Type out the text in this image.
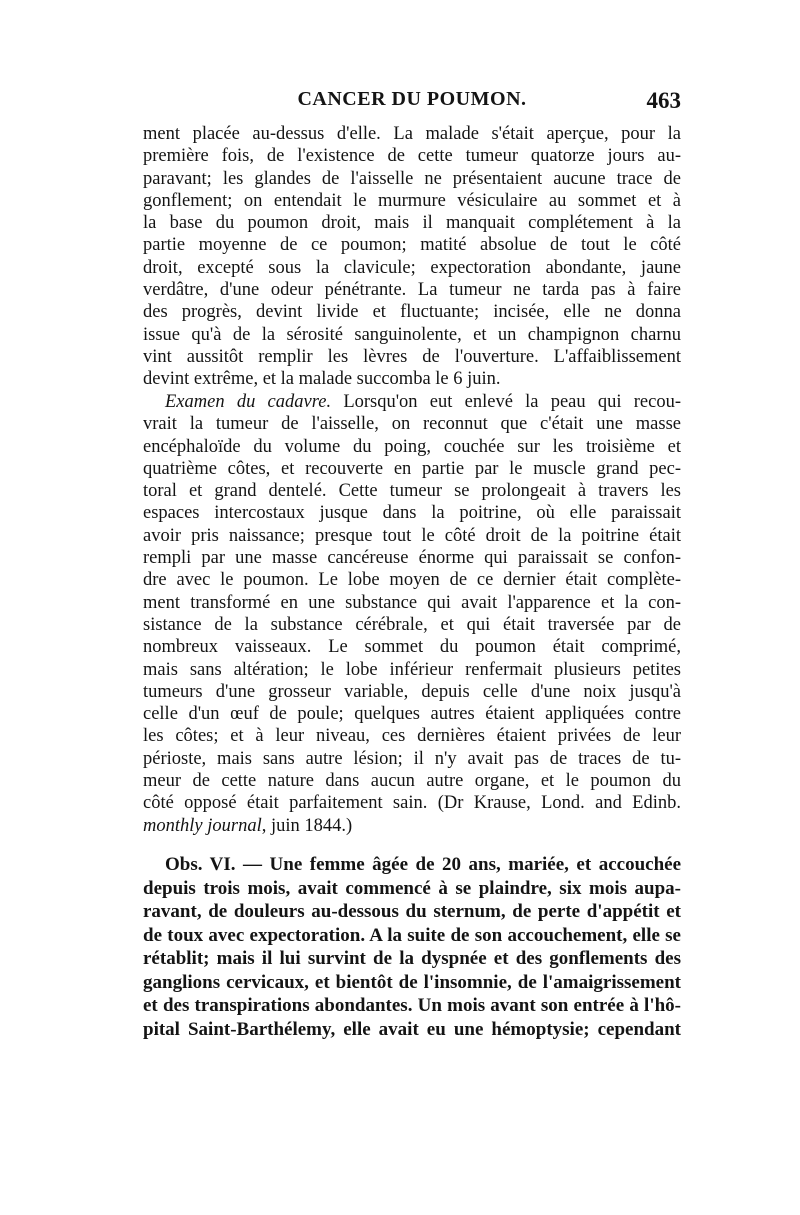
CANCER DU POUMON.	463
ment placée au-dessus d'elle. La malade s'était aperçue, pour la
première fois, de l'existence de cette tumeur quatorze jours au-
paravant; les glandes de l'aisselle ne présentaient aucune trace de
gonflement; on entendait le murmure vésiculaire au sommet et à
la base du poumon droit, mais il manquait complétement à la
partie moyenne de ce poumon; matité absolue de tout le côté
droit, excepté sous la clavicule; expectoration abondante, jaune
verdâtre, d'une odeur pénétrante. La tumeur ne tarda pas à faire
des progrès, devint livide et fluctuante; incisée, elle ne donna
issue qu'à de la sérosité sanguinolente, et un champignon charnu
vint aussitôt remplir les lèvres de l'ouverture. L'affaiblissement
devint extrême, et la malade succomba le 6 juin.
Examen du cadavre. Lorsqu'on eut enlevé la peau qui recou-
vrait la tumeur de l'aisselle, on reconnut que c'était une masse
encéphaloïde du volume du poing, couchée sur les troisième et
quatrième côtes, et recouverte en partie par le muscle grand pec-
toral et grand dentelé. Cette tumeur se prolongeait à travers les
espaces intercostaux jusque dans la poitrine, où elle paraissait
avoir pris naissance; presque tout le côté droit de la poitrine était
rempli par une masse cancéreuse énorme qui paraissait se confon-
dre avec le poumon. Le lobe moyen de ce dernier était complète-
ment transformé en une substance qui avait l'apparence et la con-
sistance de la substance cérébrale, et qui était traversée par de
nombreux vaisseaux. Le sommet du poumon était comprimé,
mais sans altération; le lobe inférieur renfermait plusieurs petites
tumeurs d'une grosseur variable, depuis celle d'une noix jusqu'à
celle d'un œuf de poule; quelques autres étaient appliquées contre
les côtes; et à leur niveau, ces dernières étaient privées de leur
périoste, mais sans autre lésion; il n'y avait pas de traces de tu-
meur de cette nature dans aucun autre organe, et le poumon du
côté opposé était parfaitement sain. (Dr Krause, Lond. and Edinb.
monthly journal, juin 1844.)
Obs. VI. — Une femme âgée de 20 ans, mariée, et accouchée
depuis trois mois, avait commencé à se plaindre, six mois aupa-
ravant, de douleurs au-dessous du sternum, de perte d'appétit et
de toux avec expectoration. A la suite de son accouchement, elle se
rétablit; mais il lui survint de la dyspnée et des gonflements des
ganglions cervicaux, et bientôt de l'insomnie, de l'amaigrissement
et des transpirations abondantes. Un mois avant son entrée à l'hô-
pital Saint-Barthélemy, elle avait eu une hémoptysie; cependant
